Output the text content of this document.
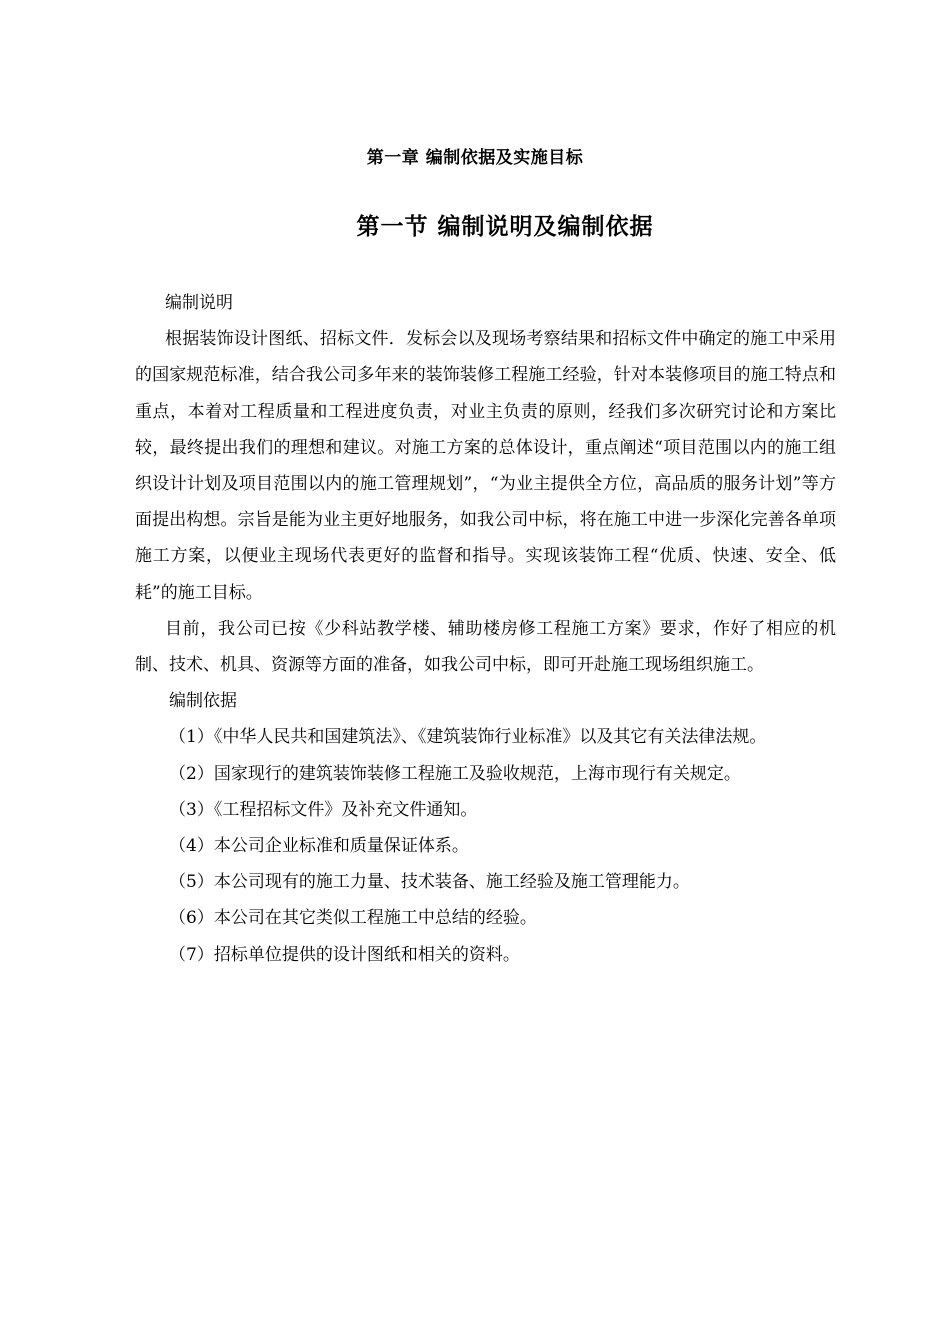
第一章 编制依据及实施目标
第一节 编制说明及编制依据

编制说明

根据装饰设计图纸、招标文件．发标会以及现场考察结果和招标文件中确定的施工中采用的国家规范标准，结合我公司多年来的装饰装修工程施工经验，针对本装修项目的施工特点和重点，本着对工程质量和工程进度负责，对业主负责的原则，经我们多次研究讨论和方案比较，最终提出我们的理想和建议。对施工方案的总体设计，重点阐述“项目范围以内的施工组织设计计划及项目范围以内的施工管理规划”，“为业主提供全方位，高品质的服务计划”等方面提出构想。宗旨是能为业主更好地服务，如我公司中标，将在施工中进一步深化完善各单项施工方案，以便业主现场代表更好的监督和指导。实现该装饰工程“优质、快速、安全、低耗”的施工目标。

目前，我公司已按《少科站教学楼、辅助楼房修工程施工方案》要求，作好了相应的机制、技术、机具、资源等方面的准备，如我公司中标，即可开赴施工现场组织施工。

编制依据

（1）《中华人民共和国建筑法》、《建筑装饰行业标准》以及其它有关法律法规。

（2）国家现行的建筑装饰装修工程施工及验收规范，上海市现行有关规定。

（3）《工程招标文件》及补充文件通知。

（4）本公司企业标准和质量保证体系。

（5）本公司现有的施工力量、技术装备、施工经验及施工管理能力。

（6）本公司在其它类似工程施工中总结的经验。

（7）招标单位提供的设计图纸和相关的资料。
